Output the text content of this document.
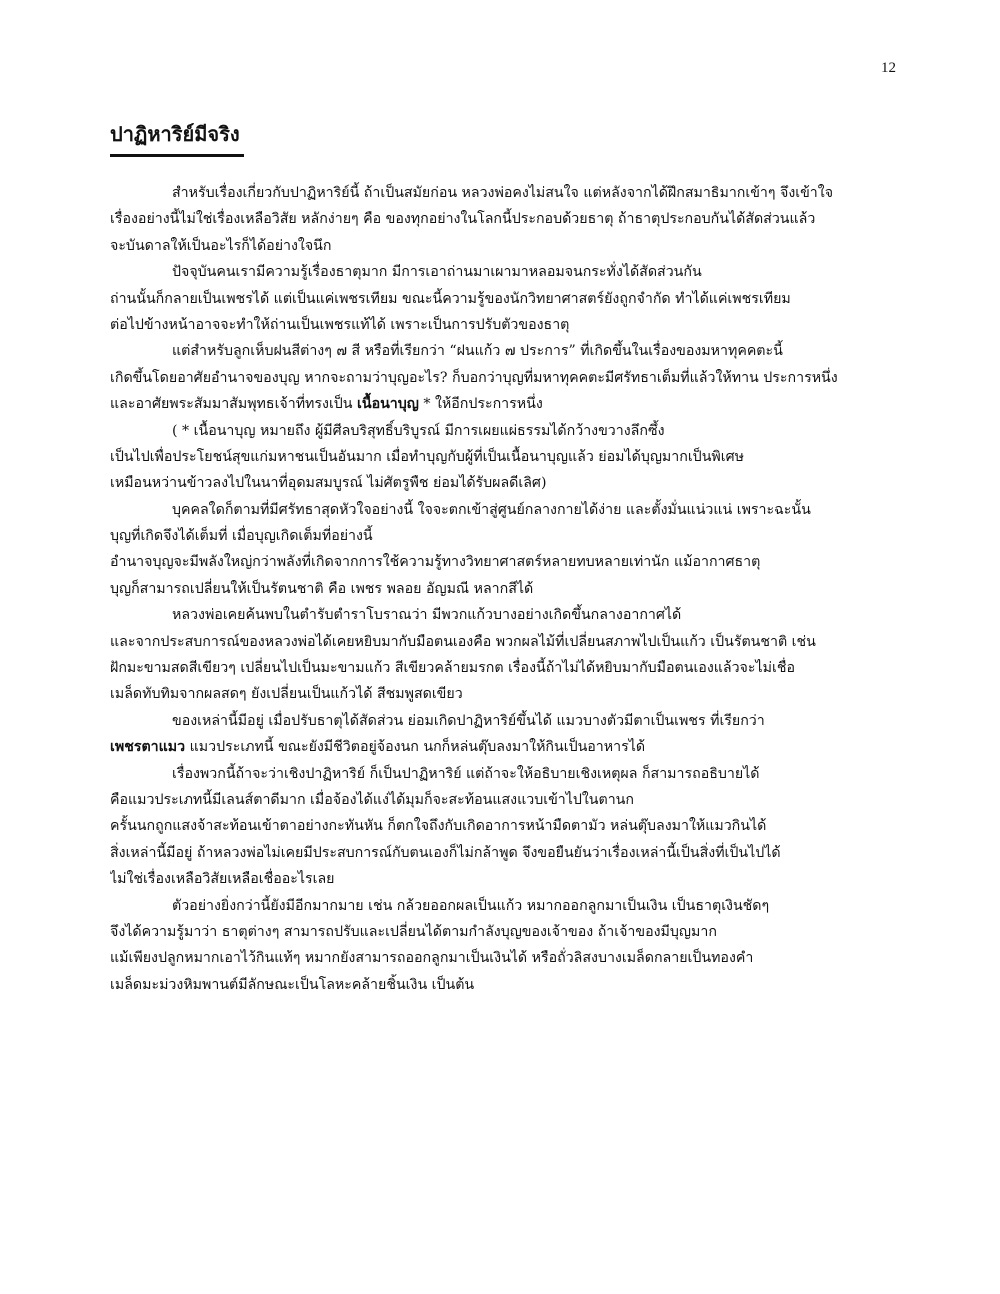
12
ปาฏิหาริย์มีจริง
สำหรับเรื่องเกี่ยวกับปาฏิหาริย์นี้ ถ้าเป็นสมัยก่อน หลวงพ่อคงไม่สนใจ แต่หลังจากได้ฝึกสมาธิมากเข้าๆ จึงเข้าใจ
เรื่องอย่างนี้ไม่ใช่เรื่องเหลือวิสัย หลักง่ายๆ คือ ของทุกอย่างในโลกนี้ประกอบด้วยธาตุ ถ้าธาตุประกอบกันได้สัดส่วนแล้ว
จะบันดาลให้เป็นอะไรก็ได้อย่างใจนึก
ปัจจุบันคนเรามีความรู้เรื่องธาตุมาก มีการเอาถ่านมาเผามาหลอมจนกระทั่งได้สัดส่วนกัน
ถ่านนั้นก็กลายเป็นเพชรได้ แต่เป็นแค่เพชรเทียม ขณะนี้ความรู้ของนักวิทยาศาสตร์ยังถูกจำกัด ทำได้แค่เพชรเทียม
ต่อไปข้างหน้าอาจจะทำให้ถ่านเป็นเพชรแท้ได้ เพราะเป็นการปรับตัวของธาตุ
แต่สำหรับลูกเห็บฝนสีต่างๆ ๗ สี หรือที่เรียกว่า “ฝนแก้ว ๗ ประการ” ที่เกิดขึ้นในเรื่องของมหาทุคคตะนี้
เกิดขึ้นโดยอาศัยอำนาจของบุญ หากจะถามว่าบุญอะไร? ก็บอกว่าบุญที่มหาทุคคตะมีศรัทธาเต็มที่แล้วให้ทาน ประการหนึ่ง
และอาศัยพระสัมมาสัมพุทธเจ้าที่ทรงเป็น เนื้อนาบุญ * ให้อีกประการหนึ่ง
( * เนื้อนาบุญ หมายถึง ผู้มีศีลบริสุทธิ์บริบูรณ์ มีการเผยแผ่ธรรมได้กว้างขวางลึกซึ้ง
เป็นไปเพื่อประโยชน์สุขแก่มหาชนเป็นอันมาก เมื่อทำบุญกับผู้ที่เป็นเนื้อนาบุญแล้ว ย่อมได้บุญมากเป็นพิเศษ
เหมือนหว่านข้าวลงไปในนาที่อุดมสมบูรณ์ ไม่ศัตรูพืช ย่อมได้รับผลดีเลิศ)
บุคคลใดก็ตามที่มีศรัทธาสุดหัวใจอย่างนี้ ใจจะตกเข้าสู่ศูนย์กลางกายได้ง่าย และตั้งมั่นแน่วแน่ เพราะฉะนั้น
บุญที่เกิดจึงได้เต็มที่ เมื่อบุญเกิดเต็มที่อย่างนี้
อำนาจบุญจะมีพลังใหญ่กว่าพลังที่เกิดจากการใช้ความรู้ทางวิทยาศาสตร์หลายทบหลายเท่านัก แม้อากาศธาตุ
บุญก็สามารถเปลี่ยนให้เป็นรัตนชาติ คือ เพชร พลอย อัญมณี หลากสีได้
หลวงพ่อเคยค้นพบในตำรับตำราโบราณว่า มีพวกแก้วบางอย่างเกิดขึ้นกลางอากาศได้
และจากประสบการณ์ของหลวงพ่อได้เคยหยิบมากับมือตนเองคือ พวกผลไม้ที่เปลี่ยนสภาพไปเป็นแก้ว เป็นรัตนชาติ เช่น
ฝักมะขามสดสีเขียวๆ เปลี่ยนไปเป็นมะขามแก้ว สีเขียวคล้ายมรกต เรื่องนี้ถ้าไม่ได้หยิบมากับมือตนเองแล้วจะไม่เชื่อ
เมล็ดทับทิมจากผลสดๆ ยังเปลี่ยนเป็นแก้วได้ สีชมพูสดเขียว
ของเหล่านี้มีอยู่ เมื่อปรับธาตุได้สัดส่วน ย่อมเกิดปาฏิหาริย์ขึ้นได้ แมวบางตัวมีตาเป็นเพชร ที่เรียกว่า
เพชรตาแมว แมวประเภทนี้ ขณะยังมีชีวิตอยู่จ้องนก นกก็หล่นตุ๊บลงมาให้กินเป็นอาหารได้
เรื่องพวกนี้ถ้าจะว่าเชิงปาฏิหาริย์ ก็เป็นปาฏิหาริย์ แต่ถ้าจะให้อธิบายเชิงเหตุผล ก็สามารถอธิบายได้
คือแมวประเภทนี้มีเลนส์ตาดีมาก เมื่อจ้องได้แง่ได้มุมก็จะสะท้อนแสงแวบเข้าไปในตานก
ครั้นนกถูกแสงจ้าสะท้อนเข้าตาอย่างกะทันหัน ก็ตกใจถึงกับเกิดอาการหน้ามืดตามัว หล่นตุ๊บลงมาให้แมวกินได้
สิ่งเหล่านี้มีอยู่ ถ้าหลวงพ่อไม่เคยมีประสบการณ์กับตนเองก็ไม่กล้าพูด จึงขอยืนยันว่าเรื่องเหล่านี้เป็นสิ่งที่เป็นไปได้
ไม่ใช่เรื่องเหลือวิสัยเหลือเชื่ออะไรเลย
ตัวอย่างยิ่งกว่านี้ยังมีอีกมากมาย เช่น กล้วยออกผลเป็นแก้ว หมากออกลูกมาเป็นเงิน เป็นธาตุเงินชัดๆ
จึงได้ความรู้มาว่า ธาตุต่างๆ สามารถปรับและเปลี่ยนได้ตามกำลังบุญของเจ้าของ ถ้าเจ้าของมีบุญมาก
แม้เพียงปลูกหมากเอาไว้กินแท้ๆ หมากยังสามารถออกลูกมาเป็นเงินได้ หรือถั่วลิสงบางเมล็ดกลายเป็นทองคำ
เมล็ดมะม่วงหิมพานต์มีลักษณะเป็นโลหะคล้ายชิ้นเงิน เป็นต้น
